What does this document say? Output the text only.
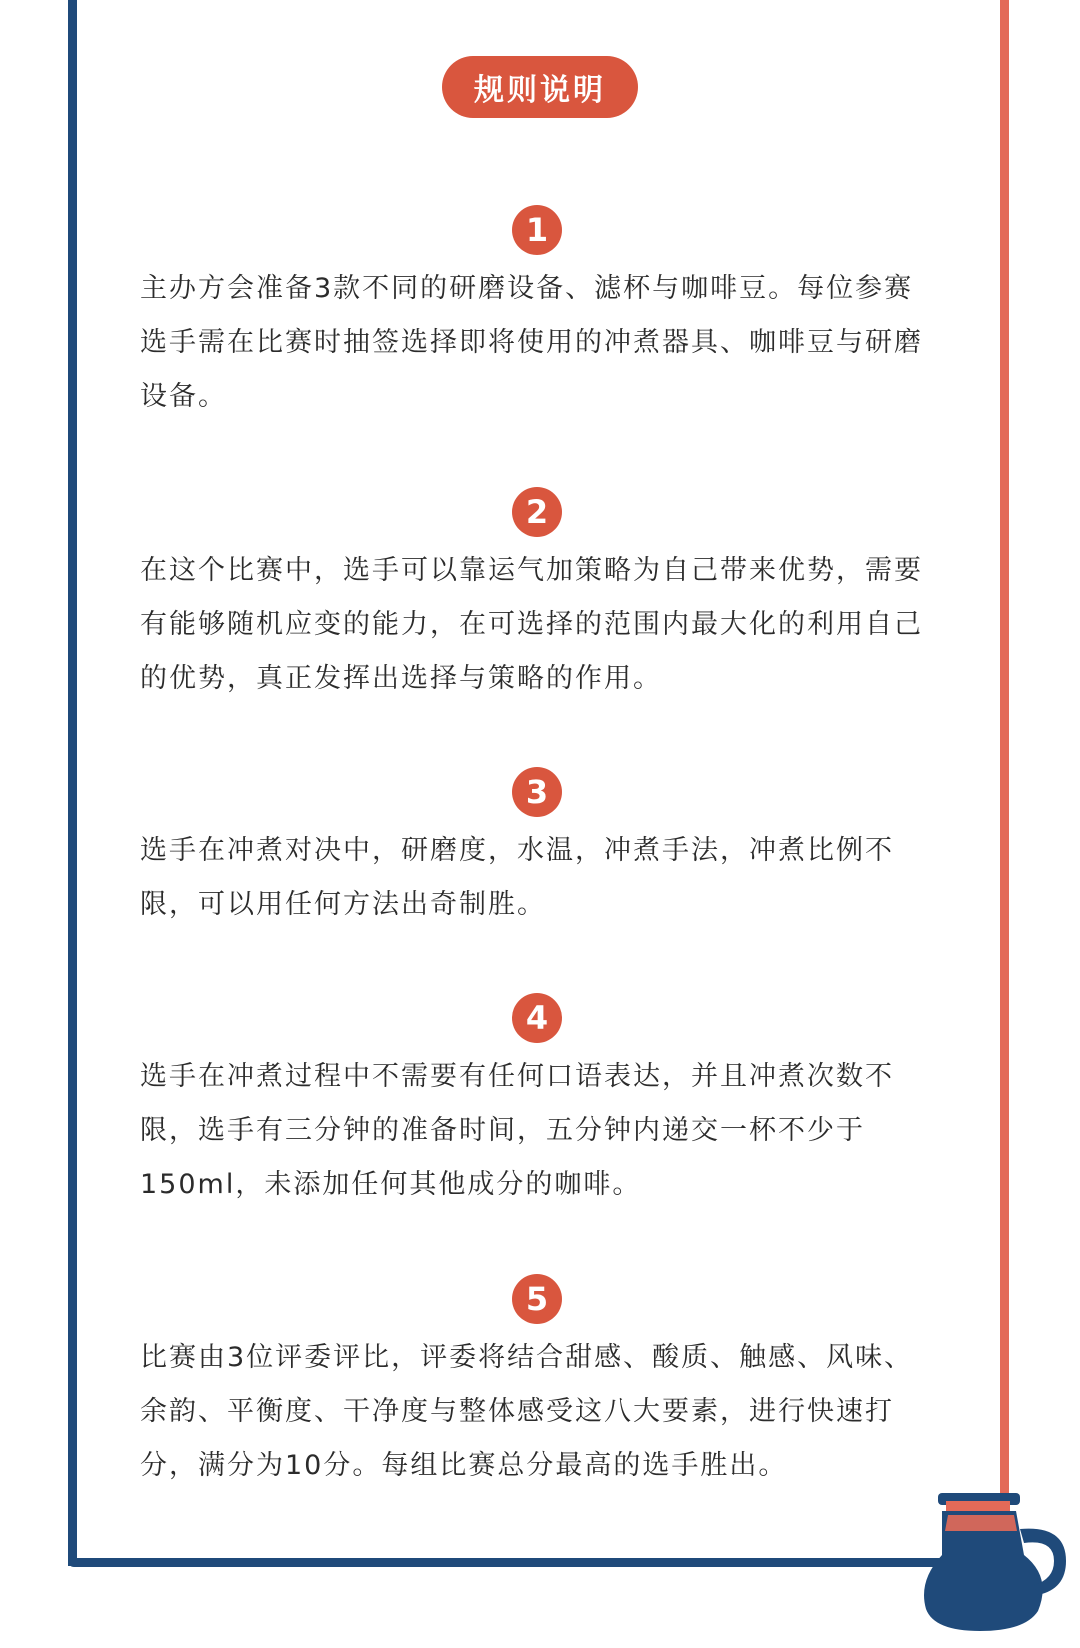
规则说明
1

主办方会准备3款不同的研磨设备、滤杯与咖啡豆。每位参赛选手需在比赛时抽签选择即将使用的冲煮器具、咖啡豆与研磨设备。

2

在这个比赛中，选手可以靠运气加策略为自己带来优势，需要有能够随机应变的能力，在可选择的范围内最大化的利用自己的优势，真正发挥出选择与策略的作用。

3

选手在冲煮对决中，研磨度，水温，冲煮手法，冲煮比例不限，可以用任何方法出奇制胜。

4

选手在冲煮过程中不需要有任何口语表达，并且冲煮次数不限，选手有三分钟的准备时间，五分钟内递交一杯不少于150ml，未添加任何其他成分的咖啡。

5

比赛由3位评委评比，评委将结合甜感、酸质、触感、风味、余韵、平衡度、干净度与整体感受这八大要素，进行快速打分，满分为10分。每组比赛总分最高的选手胜出。
